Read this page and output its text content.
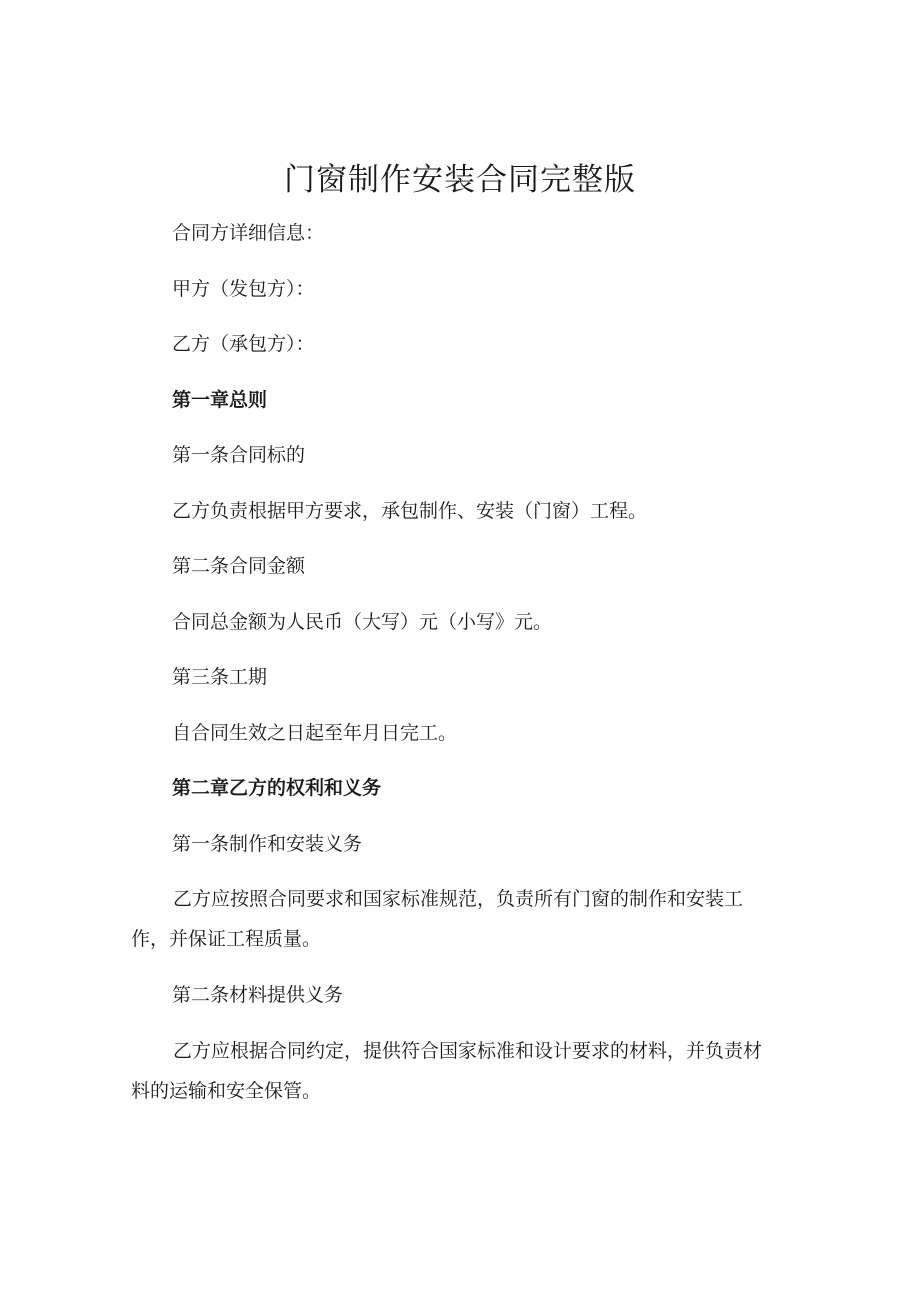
门窗制作安装合同完整版

合同方详细信息：

甲方（发包方）：

乙方（承包方）：

第一章总则

第一条合同标的

乙方负责根据甲方要求，承包制作、安装（门窗）工程。

第二条合同金额

合同总金额为人民币（大写）元（小写》元。

第三条工期

自合同生效之日起至年月日完工。

第二章乙方的权利和义务

第一条制作和安装义务

乙方应按照合同要求和国家标准规范，负责所有门窗的制作和安装工作，并保证工程质量。

第二条材料提供义务

乙方应根据合同约定，提供符合国家标准和设计要求的材料，并负责材料的运输和安全保管。
